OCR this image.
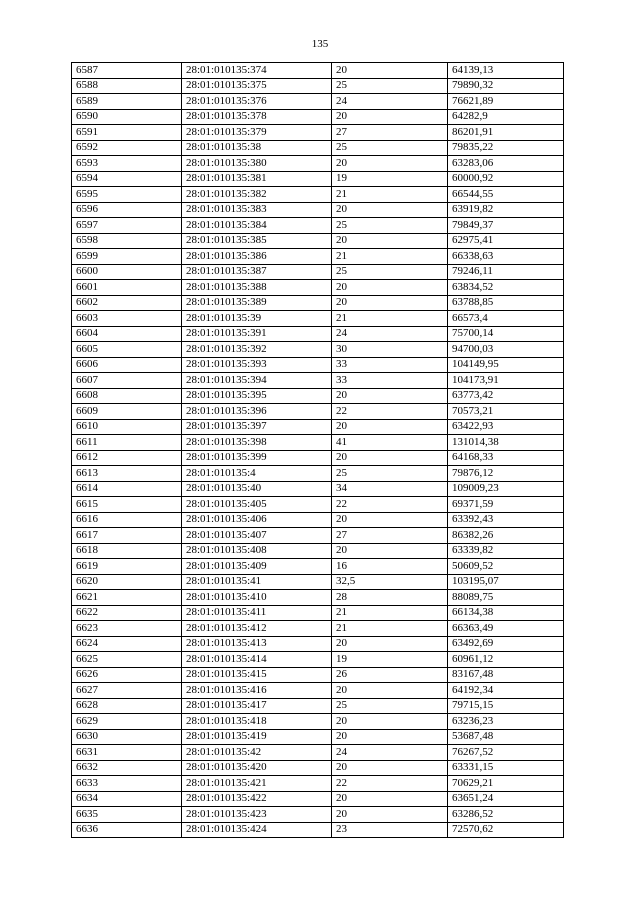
135
6587	28:01:010135:374	20	64139,13
6588	28:01:010135:375	25	79890,32
6589	28:01:010135:376	24	76621,89
6590	28:01:010135:378	20	64282,9
6591	28:01:010135:379	27	86201,91
6592	28:01:010135:38	25	79835,22
6593	28:01:010135:380	20	63283,06
6594	28:01:010135:381	19	60000,92
6595	28:01:010135:382	21	66544,55
6596	28:01:010135:383	20	63919,82
6597	28:01:010135:384	25	79849,37
6598	28:01:010135:385	20	62975,41
6599	28:01:010135:386	21	66338,63
6600	28:01:010135:387	25	79246,11
6601	28:01:010135:388	20	63834,52
6602	28:01:010135:389	20	63788,85
6603	28:01:010135:39	21	66573,4
6604	28:01:010135:391	24	75700,14
6605	28:01:010135:392	30	94700,03
6606	28:01:010135:393	33	104149,95
6607	28:01:010135:394	33	104173,91
6608	28:01:010135:395	20	63773,42
6609	28:01:010135:396	22	70573,21
6610	28:01:010135:397	20	63422,93
6611	28:01:010135:398	41	131014,38
6612	28:01:010135:399	20	64168,33
6613	28:01:010135:4	25	79876,12
6614	28:01:010135:40	34	109009,23
6615	28:01:010135:405	22	69371,59
6616	28:01:010135:406	20	63392,43
6617	28:01:010135:407	27	86382,26
6618	28:01:010135:408	20	63339,82
6619	28:01:010135:409	16	50609,52
6620	28:01:010135:41	32,5	103195,07
6621	28:01:010135:410	28	88089,75
6622	28:01:010135:411	21	66134,38
6623	28:01:010135:412	21	66363,49
6624	28:01:010135:413	20	63492,69
6625	28:01:010135:414	19	60961,12
6626	28:01:010135:415	26	83167,48
6627	28:01:010135:416	20	64192,34
6628	28:01:010135:417	25	79715,15
6629	28:01:010135:418	20	63236,23
6630	28:01:010135:419	20	53687,48
6631	28:01:010135:42	24	76267,52
6632	28:01:010135:420	20	63331,15
6633	28:01:010135:421	22	70629,21
6634	28:01:010135:422	20	63651,24
6635	28:01:010135:423	20	63286,52
6636	28:01:010135:424	23	72570,62
